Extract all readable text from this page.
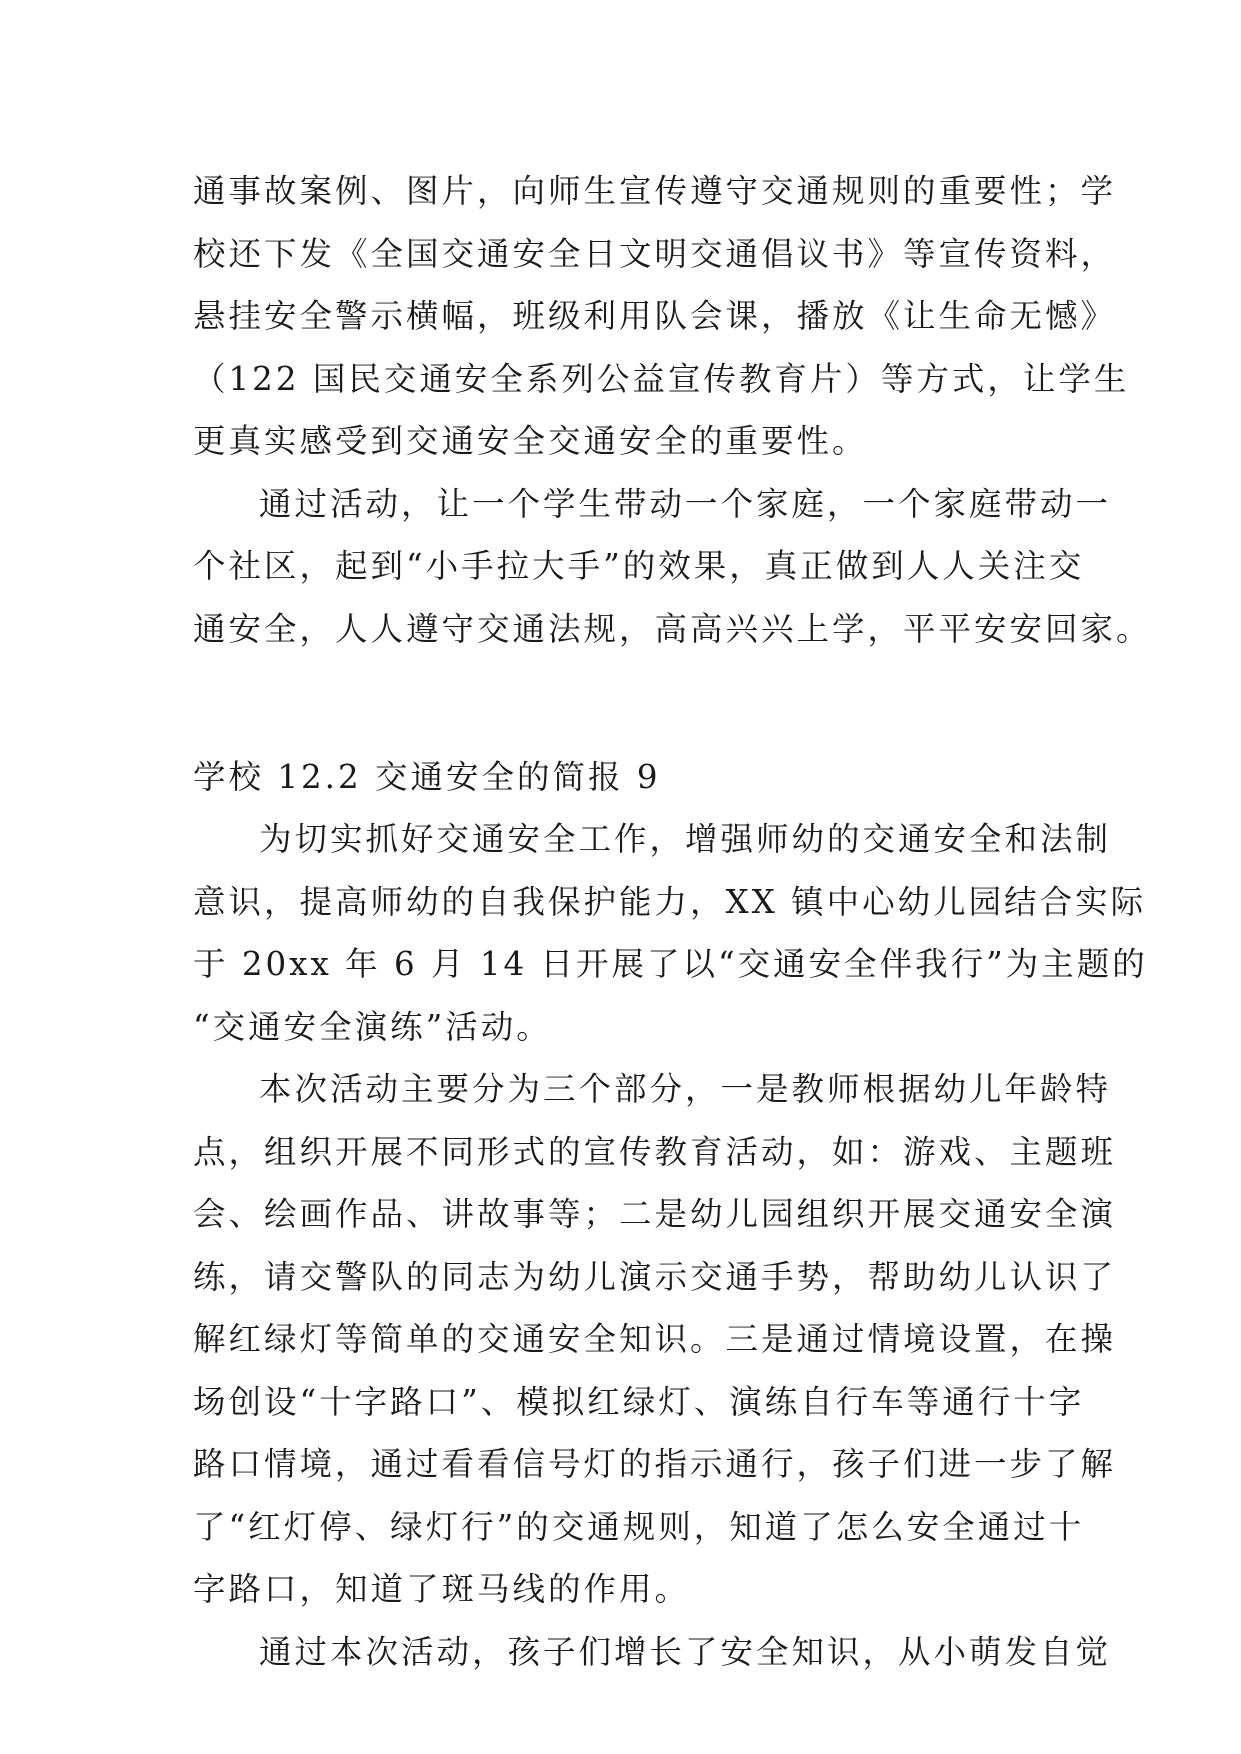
通事故案例、图片，向师生宣传遵守交通规则的重要性；学
校还下发《全国交通安全日文明交通倡议书》等宣传资料，
悬挂安全警示横幅，班级利用队会课，播放《让生命无憾》
（122 国民交通安全系列公益宣传教育片）等方式，让学生
更真实感受到交通安全交通安全的重要性。
通过活动，让一个学生带动一个家庭，一个家庭带动一
个社区，起到“小手拉大手”的效果，真正做到人人关注交
通安全，人人遵守交通法规，高高兴兴上学，平平安安回家。
学校 12.2 交通安全的简报 9
为切实抓好交通安全工作，增强师幼的交通安全和法制
意识，提高师幼的自我保护能力，XX 镇中心幼儿园结合实际
于 20xx 年 6 月 14 日开展了以“交通安全伴我行”为主题的
“交通安全演练”活动。
本次活动主要分为三个部分，一是教师根据幼儿年龄特
点，组织开展不同形式的宣传教育活动，如：游戏、主题班
会、绘画作品、讲故事等；二是幼儿园组织开展交通安全演
练，请交警队的同志为幼儿演示交通手势，帮助幼儿认识了
解红绿灯等简单的交通安全知识。三是通过情境设置，在操
场创设“十字路口”、模拟红绿灯、演练自行车等通行十字
路口情境，通过看看信号灯的指示通行，孩子们进一步了解
了“红灯停、绿灯行”的交通规则，知道了怎么安全通过十
字路口，知道了斑马线的作用。
通过本次活动，孩子们增长了安全知识，从小萌发自觉
